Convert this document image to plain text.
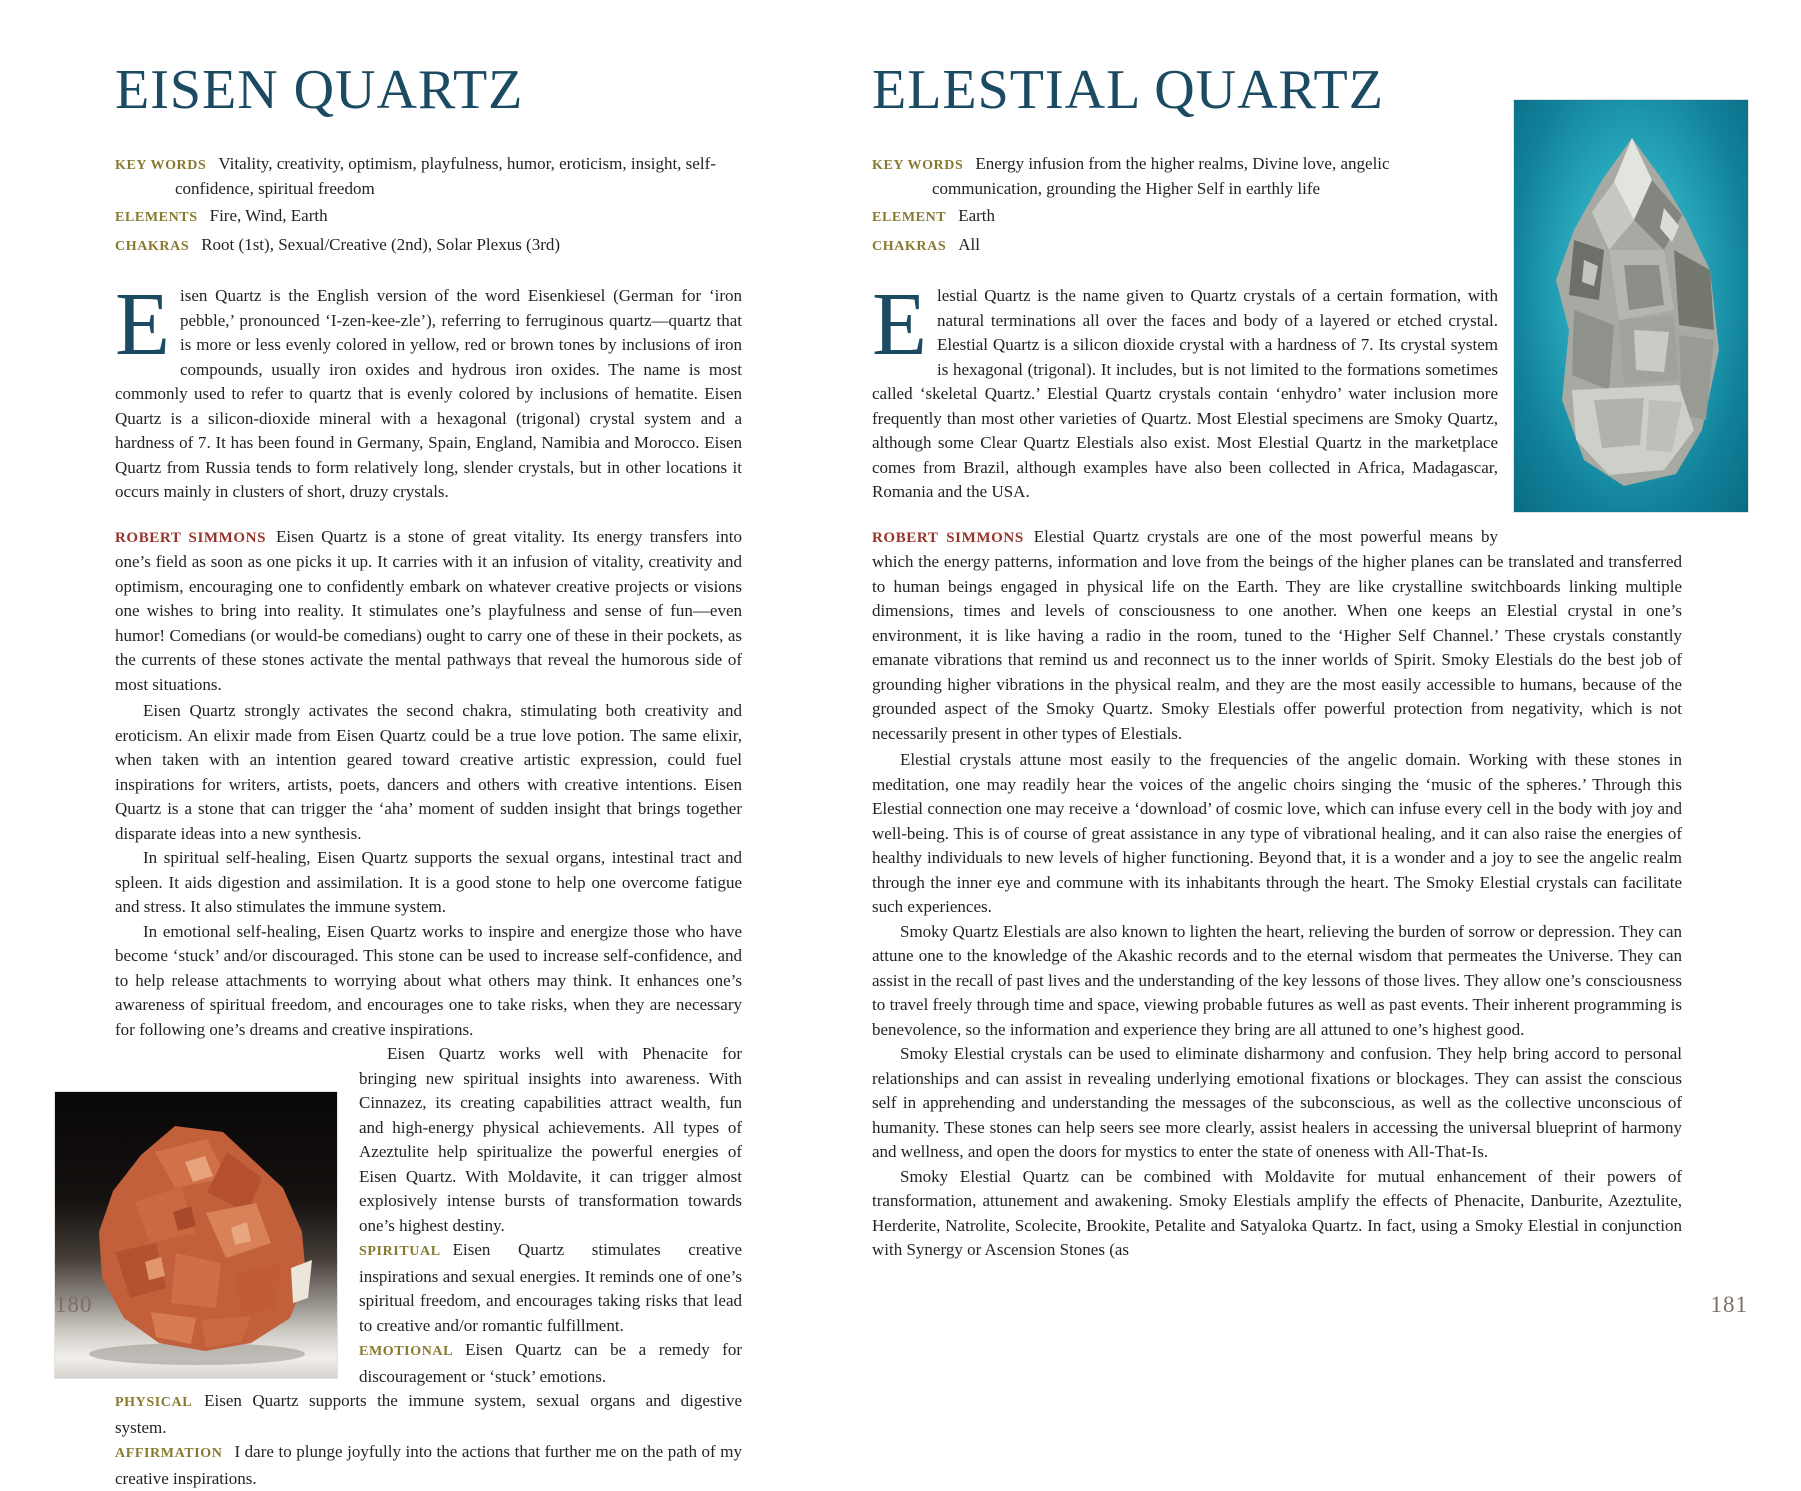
EISEN QUARTZ

KEY WORDS Vitality, creativity, optimism, playfulness, humor, eroticism, insight, self-confidence, spiritual freedom

ELEMENTS Fire, Wind, Earth

CHAKRAS Root (1st), Sexual/Creative (2nd), Solar Plexus (3rd)

Eisen Quartz is the English version of the word Eisenkiesel (German for ‘iron pebble,’ pronounced ‘I-zen-kee-zle’), referring to ferruginous quartz—quartz that is more or less evenly colored in yellow, red or brown tones by inclusions of iron compounds, usually iron oxides and hydrous iron oxides. The name is most commonly used to refer to quartz that is evenly colored by inclusions of hematite. Eisen Quartz is a silicon-dioxide mineral with a hexagonal (trigonal) crystal system and a hardness of 7. It has been found in Germany, Spain, England, Namibia and Morocco. Eisen Quartz from Russia tends to form relatively long, slender crystals, but in other locations it occurs mainly in clusters of short, druzy crystals.

ROBERT SIMMONS Eisen Quartz is a stone of great vitality. Its energy transfers into one’s field as soon as one picks it up. It carries with it an infusion of vitality, creativity and optimism, encouraging one to confidently embark on whatever creative projects or visions one wishes to bring into reality. It stimulates one’s playfulness and sense of fun—even humor! Comedians (or would-be comedians) ought to carry one of these in their pockets, as the currents of these stones activate the mental pathways that reveal the humorous side of most situations.

Eisen Quartz strongly activates the second chakra, stimulating both creativity and eroticism. An elixir made from Eisen Quartz could be a true love potion. The same elixir, when taken with an intention geared toward creative artistic expression, could fuel inspirations for writers, artists, poets, dancers and others with creative intentions. Eisen Quartz is a stone that can trigger the ‘aha’ moment of sudden insight that brings together disparate ideas into a new synthesis.

In spiritual self-healing, Eisen Quartz supports the sexual organs, intestinal tract and spleen. It aids digestion and assimilation. It is a good stone to help one overcome fatigue and stress. It also stimulates the immune system.

In emotional self-healing, Eisen Quartz works to inspire and energize those who have become ‘stuck’ and/or discouraged. This stone can be used to increase self-confidence, and to help release attachments to worrying about what others may think. It enhances one’s awareness of spiritual freedom, and encourages one to take risks, when they are necessary for following one’s dreams and creative inspirations.

Eisen Quartz works well with Phenacite for bringing new spiritual insights into awareness. With Cinnazez, its creating capabilities attract wealth, fun and high-energy physical achievements. All types of Azeztulite help spiritualize the powerful energies of Eisen Quartz. With Moldavite, it can trigger almost explosively intense bursts of transformation towards one’s highest destiny.

SPIRITUAL Eisen Quartz stimulates creative inspirations and sexual energies. It reminds one of one’s spiritual freedom, and encourages taking risks that lead to creative and/or romantic fulfillment.

EMOTIONAL Eisen Quartz can be a remedy for discouragement or ‘stuck’ emotions.

PHYSICAL Eisen Quartz supports the immune system, sexual organs and digestive system.

AFFIRMATION I dare to plunge joyfully into the actions that further me on the path of my creative inspirations.

ELESTIAL QUARTZ

KEY WORDS Energy infusion from the higher realms, Divine love, angelic communication, grounding the Higher Self in earthly life

ELEMENT Earth

CHAKRAS All

Elestial Quartz is the name given to Quartz crystals of a certain formation, with natural terminations all over the faces and body of a layered or etched crystal. Elestial Quartz is a silicon dioxide crystal with a hardness of 7. Its crystal system is hexagonal (trigonal). It includes, but is not limited to the formations sometimes called ‘skeletal Quartz.’ Elestial Quartz crystals contain ‘enhydro’ water inclusion more frequently than most other varieties of Quartz. Most Elestial specimens are Smoky Quartz, although some Clear Quartz Elestials also exist. Most Elestial Quartz in the marketplace comes from Brazil, although examples have also been collected in Africa, Madagascar, Romania and the USA.

ROBERT SIMMONS Elestial Quartz crystals are one of the most powerful means by which the energy patterns, information and love from the beings of the higher planes can be translated and transferred to human beings engaged in physical life on the Earth. They are like crystalline switchboards linking multiple dimensions, times and levels of consciousness to one another. When one keeps an Elestial crystal in one’s environment, it is like having a radio in the room, tuned to the ‘Higher Self Channel.’ These crystals constantly emanate vibrations that remind us and reconnect us to the inner worlds of Spirit. Smoky Elestials do the best job of grounding higher vibrations in the physical realm, and they are the most easily accessible to humans, because of the grounded aspect of the Smoky Quartz. Smoky Elestials offer powerful protection from negativity, which is not necessarily present in other types of Elestials.

Elestial crystals attune most easily to the frequencies of the angelic domain. Working with these stones in meditation, one may readily hear the voices of the angelic choirs singing the ‘music of the spheres.’ Through this Elestial connection one may receive a ‘download’ of cosmic love, which can infuse every cell in the body with joy and well-being. This is of course of great assistance in any type of vibrational healing, and it can also raise the energies of healthy individuals to new levels of higher functioning. Beyond that, it is a wonder and a joy to see the angelic realm through the inner eye and commune with its inhabitants through the heart. The Smoky Elestial crystals can facilitate such experiences.

Smoky Quartz Elestials are also known to lighten the heart, relieving the burden of sorrow or depression. They can attune one to the knowledge of the Akashic records and to the eternal wisdom that permeates the Universe. They can assist in the recall of past lives and the understanding of the key lessons of those lives. They allow one’s consciousness to travel freely through time and space, viewing probable futures as well as past events. Their inherent programming is benevolence, so the information and experience they bring are all attuned to one’s highest good.

Smoky Elestial crystals can be used to eliminate disharmony and confusion. They help bring accord to personal relationships and can assist in revealing underlying emotional fixations or blockages. They can assist the conscious self in apprehending and understanding the messages of the subconscious, as well as the collective unconscious of humanity. These stones can help seers see more clearly, assist healers in accessing the universal blueprint of harmony and wellness, and open the doors for mystics to enter the state of oneness with All-That-Is.

Smoky Elestial Quartz can be combined with Moldavite for mutual enhancement of their powers of transformation, attunement and awakening. Smoky Elestials amplify the effects of Phenacite, Danburite, Azeztulite, Herderite, Natrolite, Scolecite, Brookite, Petalite and Satyaloka Quartz. In fact, using a Smoky Elestial in conjunction with Synergy or Ascension Stones (as

180	181
